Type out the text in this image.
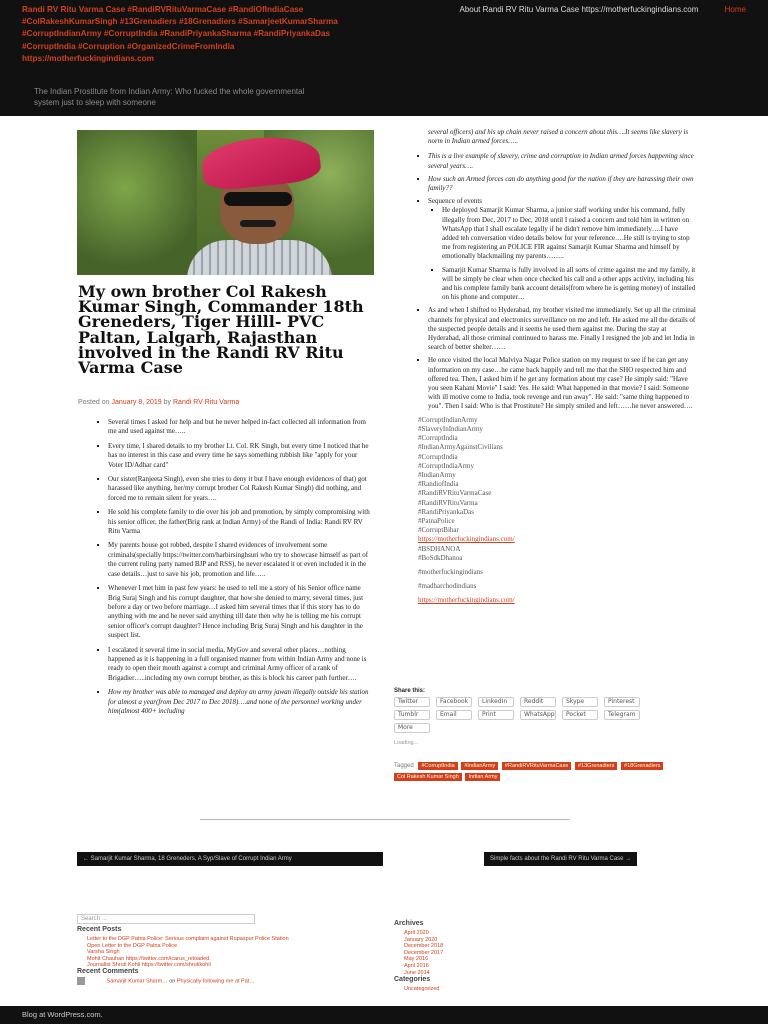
Randi RV Ritu Varma Case #RandiRVRituVarmaCase #RandiOfIndiaCase #ColRakeshKumarSingh #13Grenadiers #18Grenadiers #SamarjeetKumarSharma #CorruptIndianArmy #CorruptIndia #RandiPriyankaSharma #RandiPriyankaDas #CorruptIndia #Corruption #OrganizedCrimeFromIndia https://motherfuckingindians.com
The Indian Prostitute from Indian Army: Who fucked the whole governmental system just to sleep with someone
About Randi RV Ritu Varma Case https://motherfuckingindians.com	Home
My own brother Col Rakesh Kumar Singh, Commander 18th Greneders, Tiger Hilll- PVC Paltan, Lalgarh, Rajasthan involved in the Randi RV Ritu Varma Case
Posted on January 8, 2019 by Randi RV Ritu Varma
▪ Several times I asked for help and but he never helped in-fact collected all information from me and used against me…..
▪ Every time, I shared details to my brother Lt. Col. RK Singh, but every time I noticed that he has no interest in this case and every time he says something rubbish like "apply for your Voter ID/Adhar card"
▪ Our sister(Ranjeeta Singh), even she tries to deny it but I have enough evidences of that) got harassed like anything, her/my corrupt brother Col Rakesh Kumar Singh) did nothing, and forced me to remain silent for years….
▪ He sold his complete family to die over his job and promotion, by simply compromising with his senior officer, the father(Brig rank at Indian Army) of the Randi of India: Randi RV RV Ritu Varma
▪ My parents house got robbed, despite I shared evidences of involvement some criminals(specially https://twitter.com/harbirsinghsuri who try to showcase himself as part of the current ruling party named BJP and RSS), he never escalated it or even included it in the case details…just to save his job, promotion and life…..
▪ Whenever I met him in past few years: he used to tell me a story of his Senior office name Brig Suraj Singh and his corrupt daughter, that how she denied to marry, several times, just before a day or two before marriage…I asked him several times that if this story has to do anything with me and he never said anything till date then why he is telling me his corrupt senior officer's corrupt daughter? Hence including Brig Suraj Singh and his daughter in the suspect list.
▪ I escalated it several time in social media, MyGov and several other places…nothing happened as it is happening in a full organised manner from within Indian Army and none is ready to open their mouth against a corrupt and criminal Army officer of a rank of Brigadier…..including my own corrupt brother, as this is block his career path further….
▪ How my brother was able to managed and deploy an army jawan illegally outside his station for almost a year(from Dec 2017 to Dec 2018)….and none of the personnel working under him(almost 400+ including

several officers) and his up chain never raised a concern about this….It seems like slavery is norm in Indian armed forces…..

▪ This is a live example of slavery, crime and corruption in Indian armed forces happening since several years….
▪ How such an Armed forces can do anything good for the nation if they are harassing their own family??
▪ Sequence of events
▪ He deployed Samarjit Kumar Sharma, a junior staff working under his command, fully illegally from Dec, 2017 to Dec, 2018 until I raised a concern and told him in written on WhatsApp that I shall escalate legally if he didn't remove him immediately….I have added teh conversation video details below for your reference….He still is trying to stop me from registering an POLICE FIR against Samarjit Kumar Sharma and himself by emotionally blackmailing my parents……..
▪ Samarjit Kumar Sharma is fully involved in all sorts of crime against me and my family, it will be simply be clear when once checked his call and a other apps activity, including his and his complete family bank account details(from where he is getting money) of installed on his phone and computer…
▪ As and when I shifted to Hyderabad, my brother visited me immediately. Set up all the criminal channels for physical and electronics surveillance on me and left. He asked me all the details of the suspected people details and it seems he used them against me. During the stay at Hyderabad, all those criminal continued to harass me. Finally I resigned the job and let India in search of better shelter……
▪ He once visited the local Malviya Nagar Police station on my request to see if he can get any information on my case…he came back happily and tell me that the SHO respected him and offered tea. Then, I asked him if he get any formation about my case? He simply said: "Have you seen Kahani Movie" I said: Yes. He said: What happened in that movie? I said: Someone with ill motive come to India, took revenge and run away". He said: "same thing happened to you". Then I said: Who is that Prostitute? He simply smiled and left……he never answered….
#CorruptIndianArmy
#SlaveryInIndianArmy
#CorruptIndia
#IndianArmyAgainstCivilians
#CorruptIndia
#CorruptIndiaArmy
#IndianArmy
#RandiofIndia
#RandiRVRituVarmaCase
#RandiRVRituVarma
#RandiPriyankaDas
#PatnaPolice
#CorruptBihar
https://motherfuckingindians.com/
#BSDHANOA
#BoSdkDhanoa
#motherfuckingindians
#madharchodindians
https://motherfuckingindians.com/
Share this:
Twitter	Facebook	LinkedIn	Reddit	Skype	Pinterest
Tumblr	Email	Print	WhatsApp	Pocket	Telegram
More
Loading...
Tagged #CorruptIndia #IndianArmy #RandiRVRituVarmaCase #13Grenadiers #18Grenadiers Col Rakesh Kumar Singh Indian Army
← Samarjit Kumar Sharma, 18 Greneders, A Syp/Slave of Corrupt Indian Army	Simple facts about the Randi RV Ritu Varma Case →
Search …
Recent Posts
Letter to the DGP Patna Police: Serious complaint against Rupaspur Police Station
Open Letter to the DGP Patna Police
Varsha Singh
Mohit Chauhan https://twitter.com/icarus_reloaded
Journalist Shruti Kohli https://twitter.com/shrutikohli
Recent Comments
Samarjit Kumar Sharm… on Physically following me at Pat…
Archives
April 2020
January 2020
December 2018
December 2017
May 2016
April 2016
June 2014
Categories
Uncategorized
Blog at WordPress.com.
